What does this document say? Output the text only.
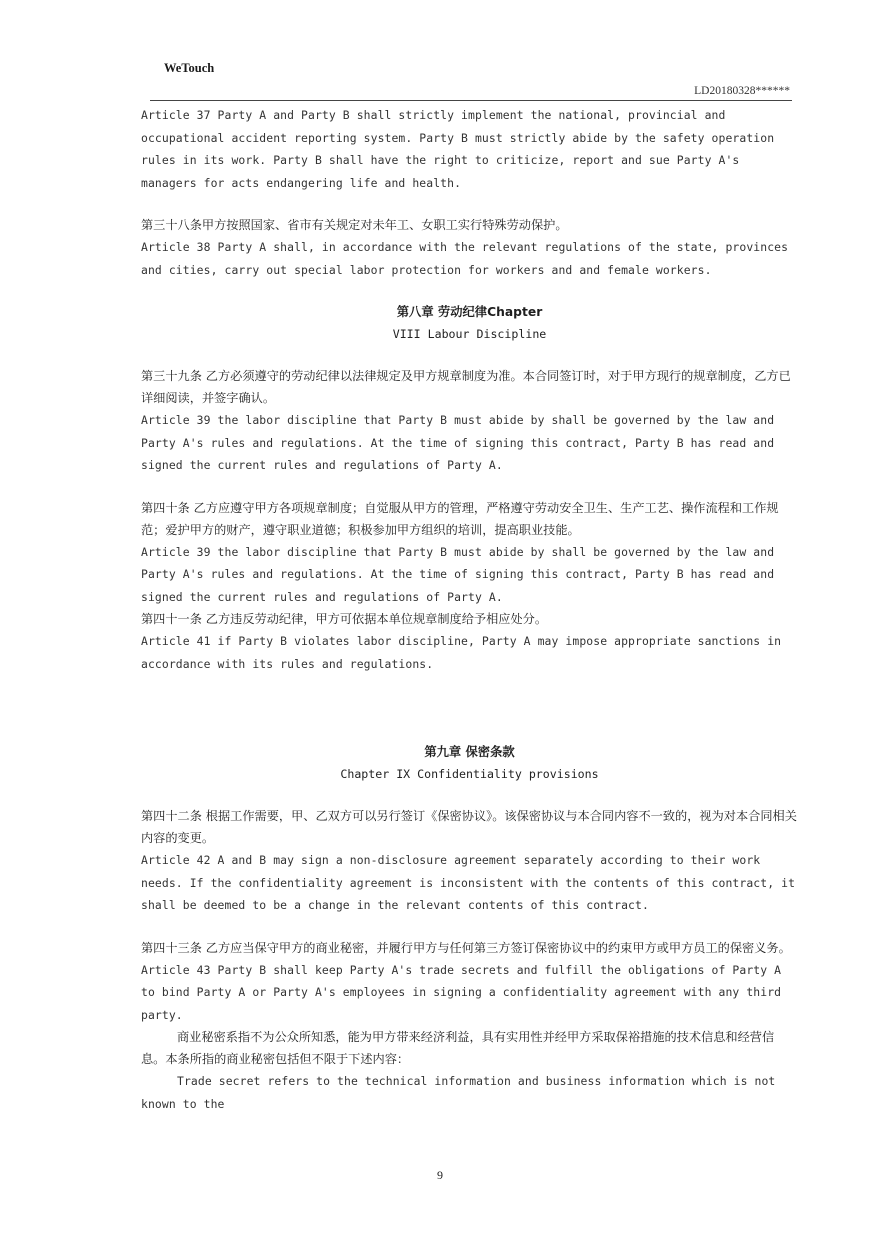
WeTouch
LD20180328******

Article 37 Party A and Party B shall strictly implement the national, provincial and occupational accident reporting system. Party B must strictly abide by the safety operation rules in its work. Party B shall have the right to criticize, report and sue Party A's managers for acts endangering life and health.

第三十八条甲方按照国家、省市有关规定对未年工、女职工实行特殊劳动保护。

Article 38 Party A shall, in accordance with the relevant regulations of the state, provinces and cities, carry out special labor protection for workers and and female workers.

第八章 劳动纪律Chapter
VIII Labour Discipline

第三十九条 乙方必须遵守的劳动纪律以法律规定及甲方规章制度为准。本合同签订时，对于甲方现行的规章制度，乙方已详细阅读，并签字确认。

Article 39 the labor discipline that Party B must abide by shall be governed by the law and Party A's rules and regulations. At the time of signing this contract, Party B has read and signed the current rules and regulations of Party A.

第四十条 乙方应遵守甲方各项规章制度；自觉服从甲方的管理，严格遵守劳动安全卫生、生产工艺、操作流程和工作规范；爱护甲方的财产，遵守职业道德；积极参加甲方组织的培训，提高职业技能。

Article 39 the labor discipline that Party B must abide by shall be governed by the law and Party A's rules and regulations. At the time of signing this contract, Party B has read and signed the current rules and regulations of Party A.

第四十一条 乙方违反劳动纪律，甲方可依据本单位规章制度给予相应处分。

Article 41 if Party B violates labor discipline, Party A may impose appropriate sanctions in accordance with its rules and regulations.

第九章 保密条款
Chapter IX Confidentiality provisions

第四十二条 根据工作需要，甲、乙双方可以另行签订《保密协议》。该保密协议与本合同内容不一致的，视为对本合同相关内容的变更。

Article 42 A and B may sign a non-disclosure agreement separately according to their work needs. If the confidentiality agreement is inconsistent with the contents of this contract, it shall be deemed to be a change in the relevant contents of this contract.

第四十三条 乙方应当保守甲方的商业秘密，并履行甲方与任何第三方签订保密协议中的约束甲方或甲方员工的保密义务。

Article 43 Party B shall keep Party A's trade secrets and fulfill the obligations of Party A to bind Party A or Party A's employees in signing a confidentiality agreement with any third party.

商业秘密系指不为公众所知悉，能为甲方带来经济利益，具有实用性并经甲方采取保裕措施的技术信息和经营信息。本条所指的商业秘密包括但不限于下述内容：

Trade secret refers to the technical information and business information which is not known to the

9
